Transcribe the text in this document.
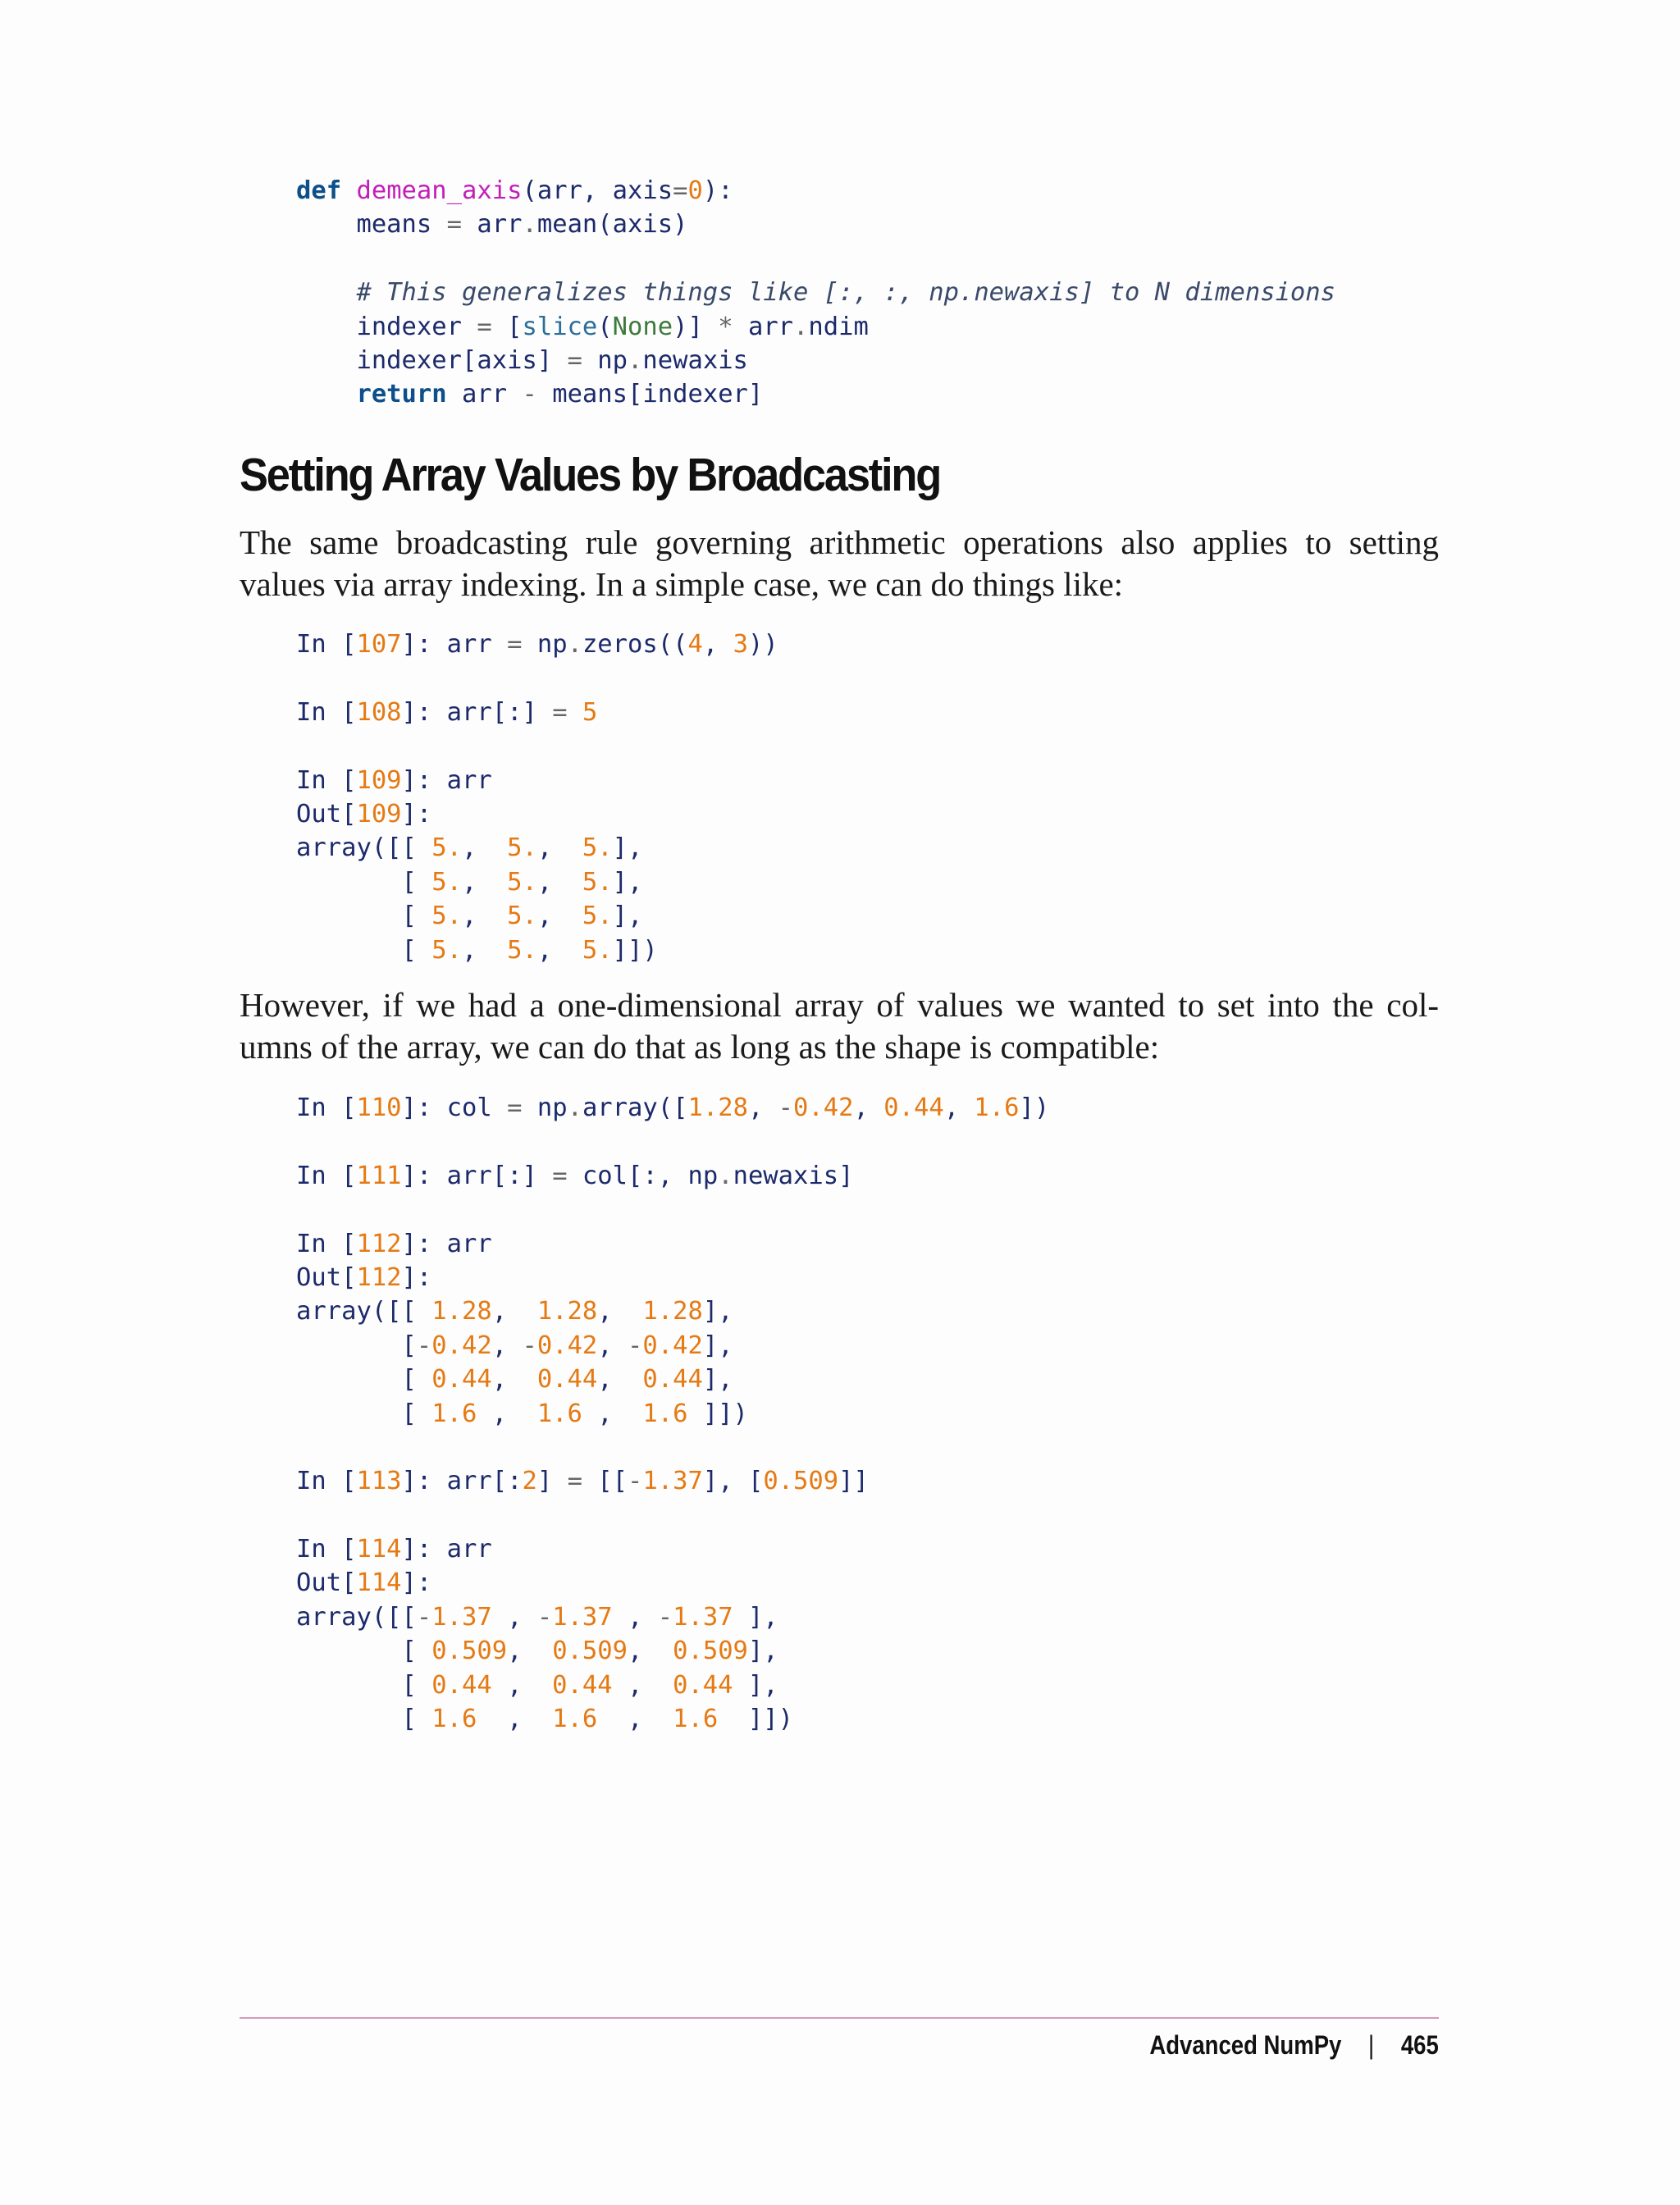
def demean_axis(arr, axis=0):
means = arr.mean(axis)

# This generalizes things like [:, :, np.newaxis] to N dimensions
indexer = [slice(None)] * arr.ndim
indexer[axis] = np.newaxis
return arr - means[indexer]
Setting Array Values by Broadcasting

The same broadcasting rule governing arithmetic operations also applies to setting
values via array indexing. In a simple case, we can do things like:

In [107]: arr = np.zeros((4, 3))

In [108]: arr[:] = 5

In [109]: arr
Out[109]:
array([[ 5.,  5.,  5.],
[ 5.,  5.,  5.],
[ 5.,  5.,  5.],
[ 5.,  5.,  5.]])

However, if we had a one-dimensional array of values we wanted to set into the col-
umns of the array, we can do that as long as the shape is compatible:

In [110]: col = np.array([1.28, -0.42, 0.44, 1.6])

In [111]: arr[:] = col[:, np.newaxis]

In [112]: arr
Out[112]:
array([[ 1.28,  1.28,  1.28],
[-0.42, -0.42, -0.42],
[ 0.44,  0.44,  0.44],
[ 1.6 ,  1.6 ,  1.6 ]])

In [113]: arr[:2] = [[-1.37], [0.509]]

In [114]: arr
Out[114]:
array([[-1.37 , -1.37 , -1.37 ],
[ 0.509,  0.509,  0.509],
[ 0.44 ,  0.44 ,  0.44 ],
[ 1.6  ,  1.6  ,  1.6  ]])
Advanced NumPy | 465
